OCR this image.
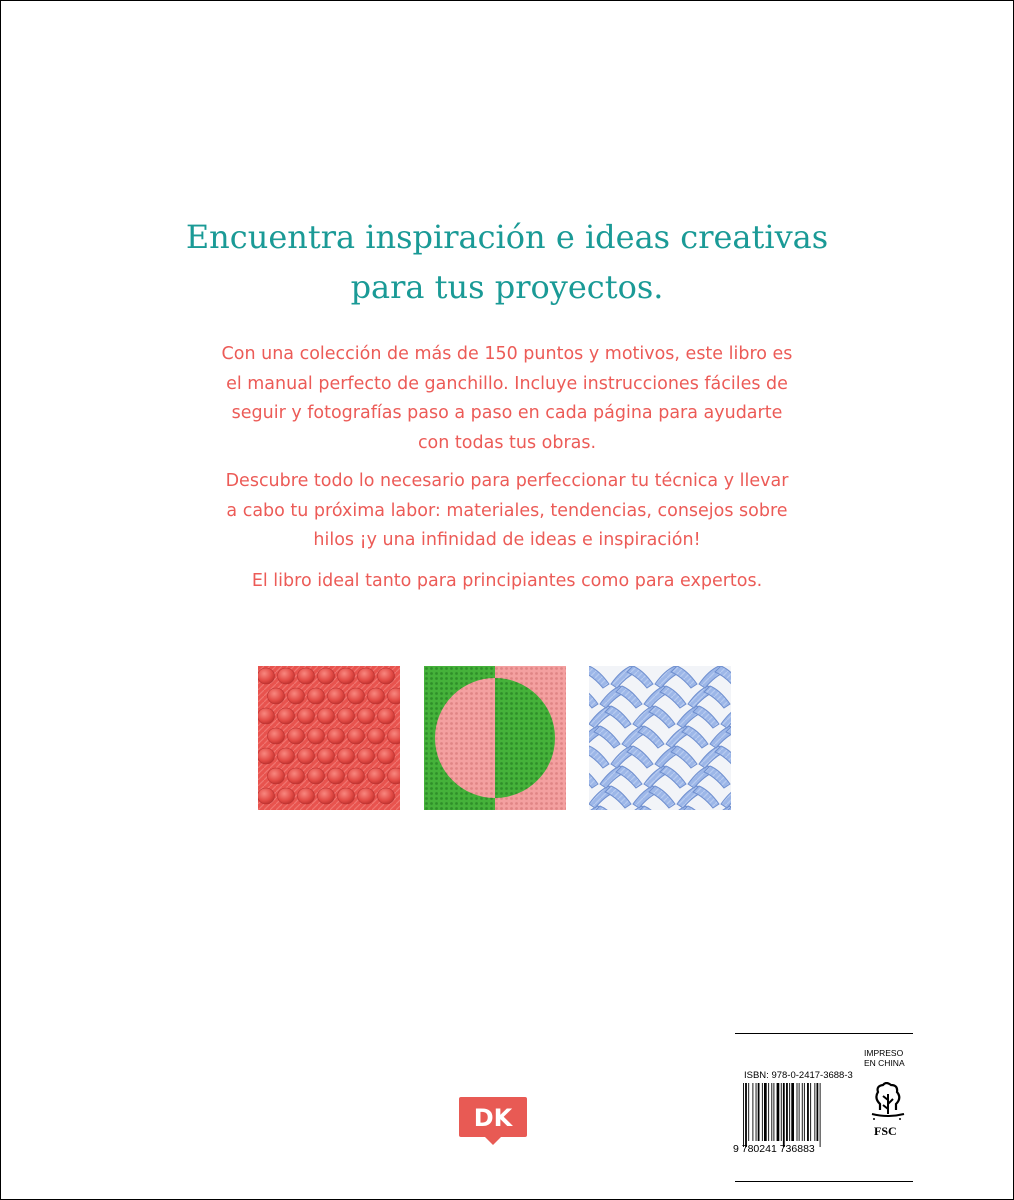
Encuentra inspiración e ideas creativas
para tus proyectos.
Con una colección de más de 150 puntos y motivos, este libro es
el manual perfecto de ganchillo. Incluye instrucciones fáciles de
seguir y fotografías paso a paso en cada página para ayudarte
con todas tus obras.
Descubre todo lo necesario para perfeccionar tu técnica y llevar
a cabo tu próxima labor: materiales, tendencias, consejos sobre
hilos ¡y una infinidad de ideas e inspiración!
El libro ideal tanto para principiantes como para expertos.
DK
IMPRESO
EN CHINA
ISBN: 978-0-2417-3688-3
9 780241 736883
FSC
